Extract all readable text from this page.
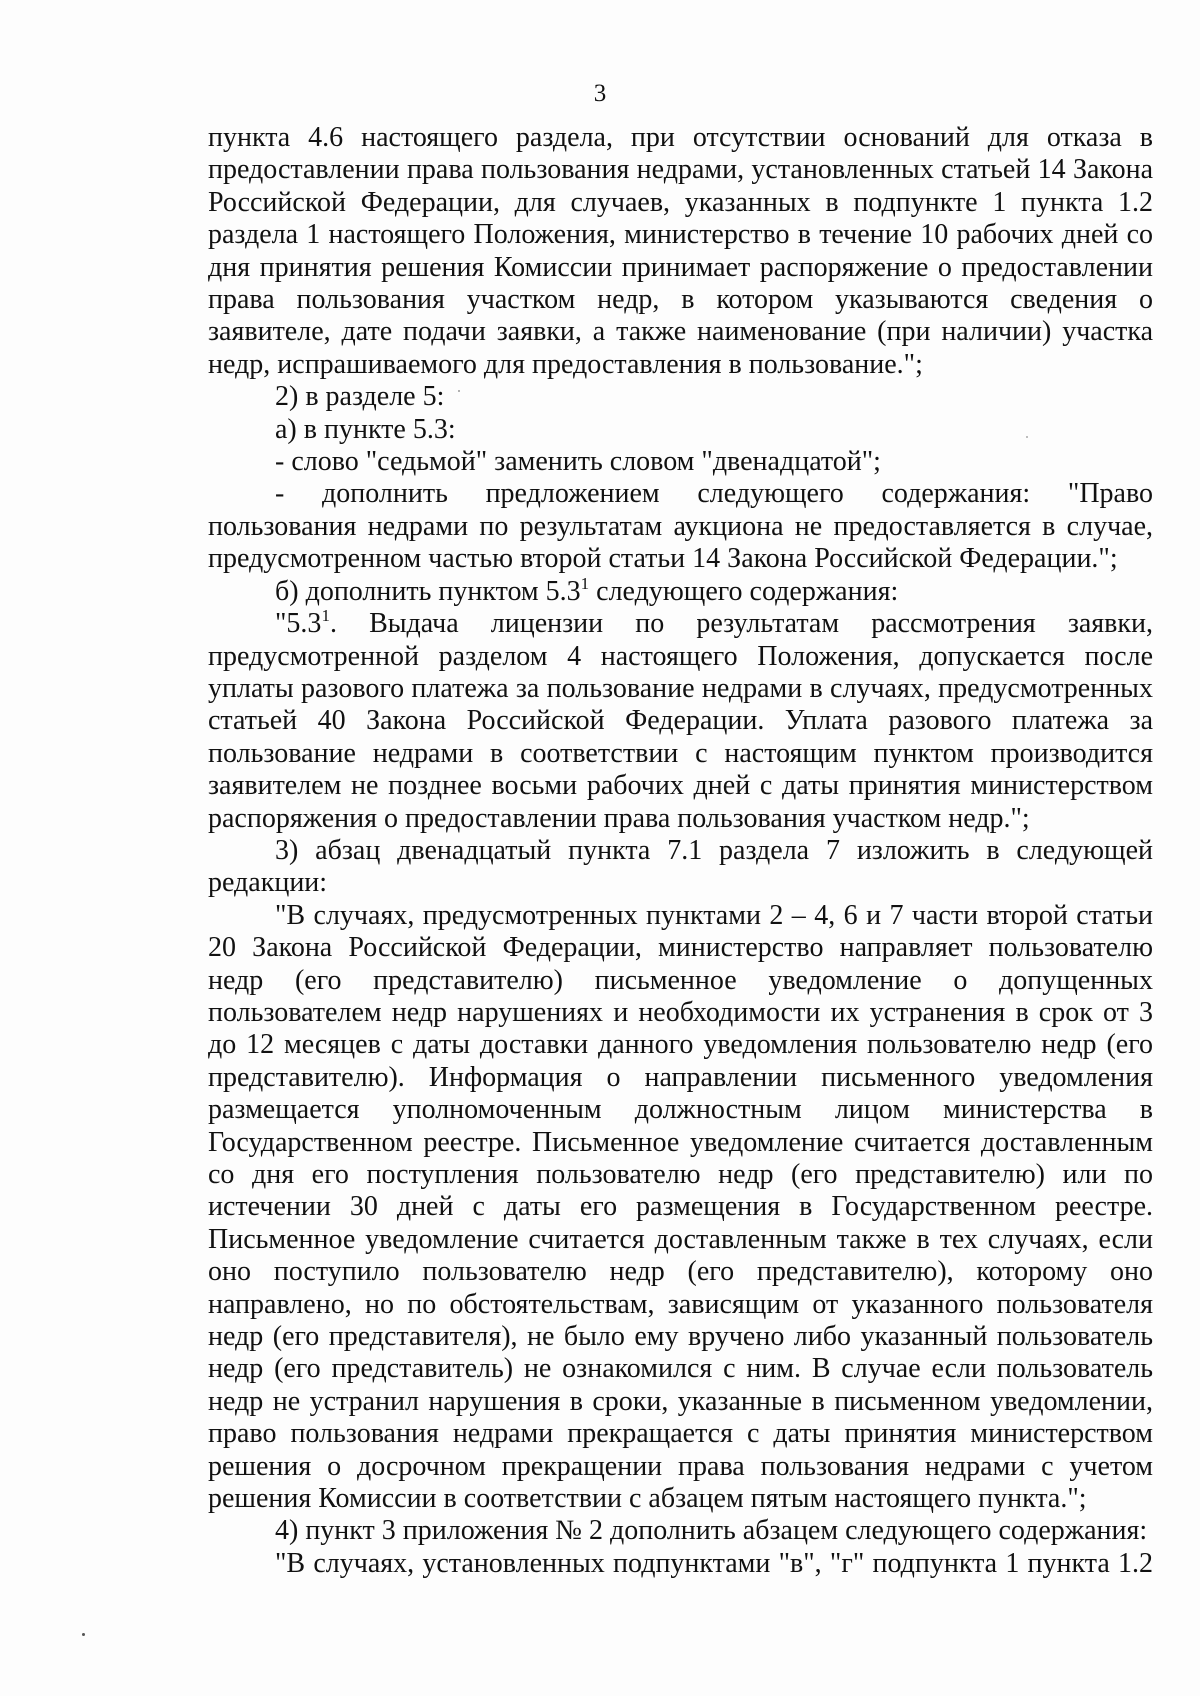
3

пункта 4.6 настоящего раздела, при отсутствии оснований для отказа в предоставлении права пользования недрами, установленных статьей 14 Закона Российской Федерации, для случаев, указанных в подпункте 1 пункта 1.2 раздела 1 настоящего Положения, министерство в течение 10 рабочих дней со дня принятия решения Комиссии принимает распоряжение о предоставлении права пользования участком недр, в котором указываются сведения о заявителе, дате подачи заявки, а также наименование (при наличии) участка недр, испрашиваемого для предоставления в пользование.";

2) в разделе 5:

а) в пункте 5.3:

- слово "седьмой" заменить словом "двенадцатой";

- дополнить предложением следующего содержания: "Право пользования недрами по результатам аукциона не предоставляется в случае, предусмотренном частью второй статьи 14 Закона Российской Федерации.";

б) дополнить пунктом $5.3^1$ следующего содержания:

"$5.3^1$. Выдача лицензии по результатам рассмотрения заявки, предусмотренной разделом 4 настоящего Положения, допускается после уплаты разового платежа за пользование недрами в случаях, предусмотренных статьей 40 Закона Российской Федерации. Уплата разового платежа за пользование недрами в соответствии с настоящим пунктом производится заявителем не позднее восьми рабочих дней с даты принятия министерством распоряжения о предоставлении права пользования участком недр.";

3) абзац двенадцатый пункта 7.1 раздела 7 изложить в следующей редакции:

"В случаях, предусмотренных пунктами 2 – 4, 6 и 7 части второй статьи 20 Закона Российской Федерации, министерство направляет пользователю недр (его представителю) письменное уведомление о допущенных пользователем недр нарушениях и необходимости их устранения в срок от 3 до 12 месяцев с даты доставки данного уведомления пользователю недр (его представителю). Информация о направлении письменного уведомления размещается уполномоченным должностным лицом министерства в Государственном реестре. Письменное уведомление считается доставленным со дня его поступления пользователю недр (его представителю) или по истечении 30 дней с даты его размещения в Государственном реестре. Письменное уведомление считается доставленным также в тех случаях, если оно поступило пользователю недр (его представителю), которому оно направлено, но по обстоятельствам, зависящим от указанного пользователя недр (его представителя), не было ему вручено либо указанный пользователь недр (его представитель) не ознакомился с ним. В случае если пользователь недр не устранил нарушения в сроки, указанные в письменном уведомлении, право пользования недрами прекращается с даты принятия министерством решения о досрочном прекращении права пользования недрами с учетом решения Комиссии в соответствии с абзацем пятым настоящего пункта.";

4) пункт 3 приложения № 2 дополнить абзацем следующего содержания:

"В случаях, установленных подпунктами "в", "г" подпункта 1 пункта 1.2
